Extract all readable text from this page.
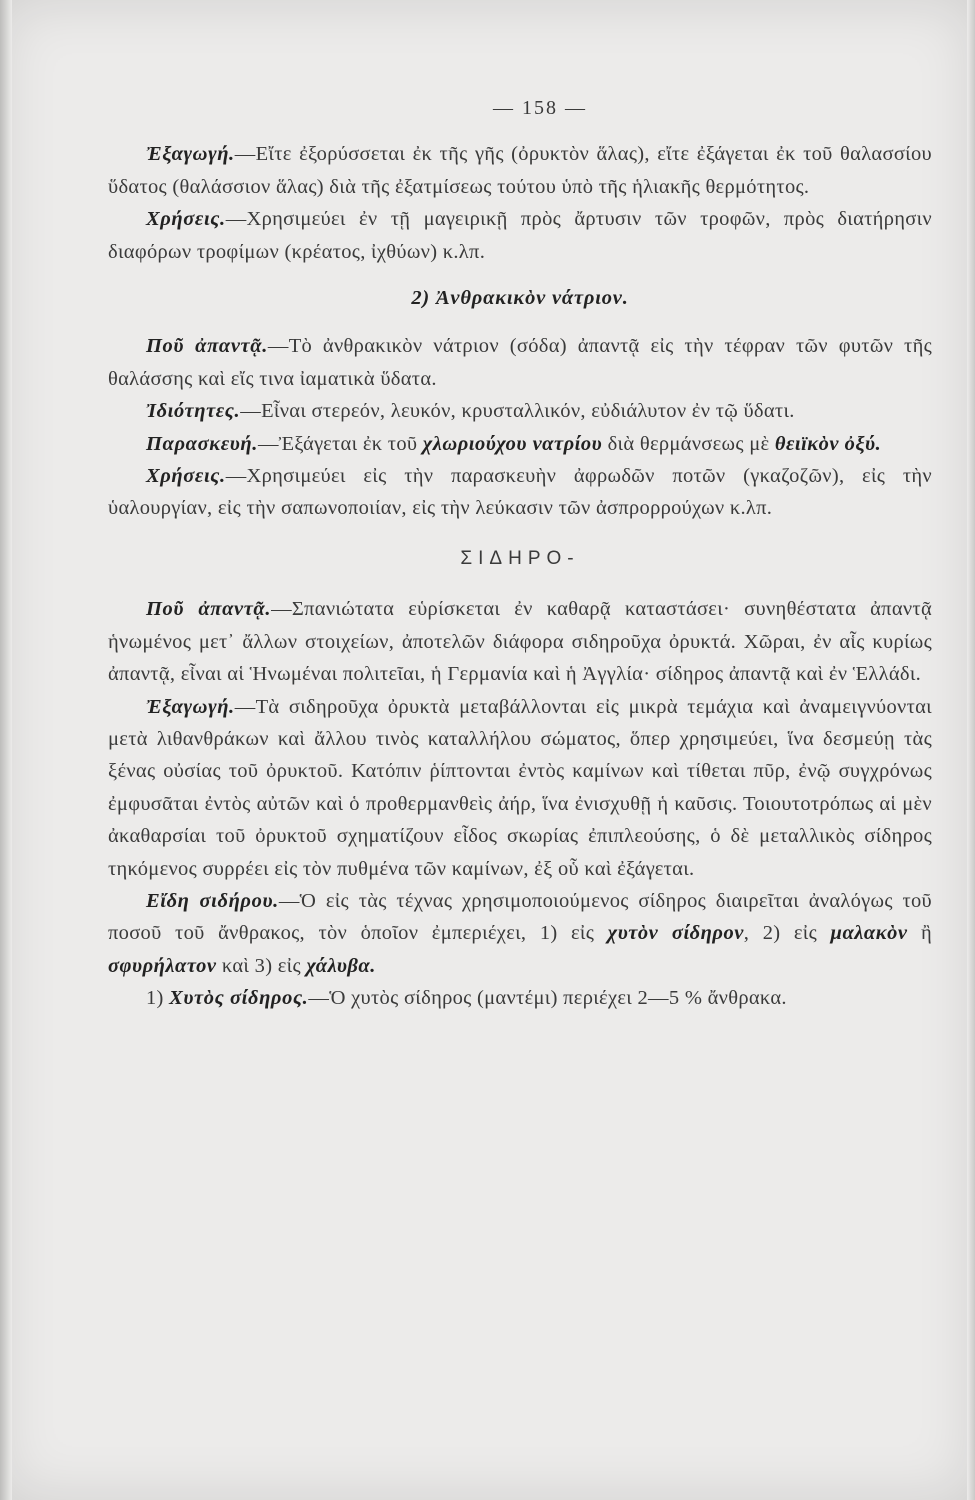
— 158 —

Ἐξαγωγή.—Εἴτε ἐξορύσσεται ἐκ τῆς γῆς (ὀρυκτὸν ἅλας), εἴτε ἐξάγεται ἐκ τοῦ θαλασσίου ὕδατος (θαλάσσιον ἅλας) διὰ τῆς ἐξατμίσεως τούτου ὑπὸ τῆς ἡλιακῆς θερμότητος.

Χρήσεις.—Χρησιμεύει ἐν τῇ μαγειρικῇ πρὸς ἄρτυσιν τῶν τροφῶν, πρὸς διατήρησιν διαφόρων τροφίμων (κρέατος, ἰχθύων) κ.λπ.

2) Ἀνθρακικὸν νάτριον.

Ποῦ ἀπαντᾷ.—Τὸ ἀνθρακικὸν νάτριον (σόδα) ἀπαντᾷ εἰς τὴν τέφραν τῶν φυτῶν τῆς θαλάσσης καὶ εἴς τινα ἰαματικὰ ὕδατα.

Ἰδιότητες.—Εἶναι στερεόν, λευκόν, κρυσταλλικόν, εὐδιάλυτον ἐν τῷ ὕδατι.

Παρασκευή.—Ἐξάγεται ἐκ τοῦ χλωριούχου νατρίου διὰ θερμάνσεως μὲ θειϊκὸν ὀξύ.

Χρήσεις.—Χρησιμεύει εἰς τὴν παρασκευὴν ἀφρωδῶν ποτῶν (γκαζοζῶν), εἰς τὴν ὑαλουργίαν, εἰς τὴν σαπωνοποιίαν, εἰς τὴν λεύκασιν τῶν ἀσπρορρούχων κ.λπ.

ΣΙΔΗΡΟ-

Ποῦ ἀπαντᾷ.—Σπανιώτατα εὑρίσκεται ἐν καθαρᾷ καταστάσει· συνηθέστατα ἀπαντᾷ ἡνωμένος μετ᾿ ἄλλων στοιχείων, ἀποτελῶν διάφορα σιδηροῦχα ὀρυκτά. Χῶραι, ἐν αἷς κυρίως ἀπαντᾷ, εἶναι αἱ Ἡνωμέναι πολιτεῖαι, ἡ Γερμανία καὶ ἡ Ἀγγλία· σίδηρος ἀπαντᾷ καὶ ἐν Ἑλλάδι.

Ἐξαγωγή.—Τὰ σιδηροῦχα ὀρυκτὰ μεταβάλλονται εἰς μικρὰ τεμάχια καὶ ἀναμειγνύονται μετὰ λιθανθράκων καὶ ἄλλου τινὸς καταλλήλου σώματος, ὅπερ χρησιμεύει, ἵνα δεσμεύῃ τὰς ξένας οὐσίας τοῦ ὀρυκτοῦ. Κατόπιν ῥίπτονται ἐντὸς καμίνων καὶ τίθεται πῦρ, ἐνῷ συγχρόνως ἐμφυσᾶται ἐντὸς αὐτῶν καὶ ὁ προθερμανθεὶς ἀήρ, ἵνα ἐνισχυθῇ ἡ καῦσις. Τοιουτοτρόπως αἱ μὲν ἀκαθαρσίαι τοῦ ὀρυκτοῦ σχηματίζουν εἶδος σκωρίας ἐπιπλεούσης, ὁ δὲ μεταλλικὸς σίδηρος τηκόμενος συρρέει εἰς τὸν πυθμένα τῶν καμίνων, ἐξ οὗ καὶ ἐξάγεται.

Εἴδη σιδήρου.—Ὁ εἰς τὰς τέχνας χρησιμοποιούμενος σίδηρος διαιρεῖται ἀναλόγως τοῦ ποσοῦ τοῦ ἄνθρακος, τὸν ὁποῖον ἐμπεριέχει, 1) εἰς χυτὸν σίδηρον, 2) εἰς μαλακὸν ἢ σφυρήλατον καὶ 3) εἰς χάλυβα.

1) Χυτὸς σίδηρος.—Ὁ χυτὸς σίδηρος (μαντέμι) περιέχει 2—5 % ἄνθρακα.
